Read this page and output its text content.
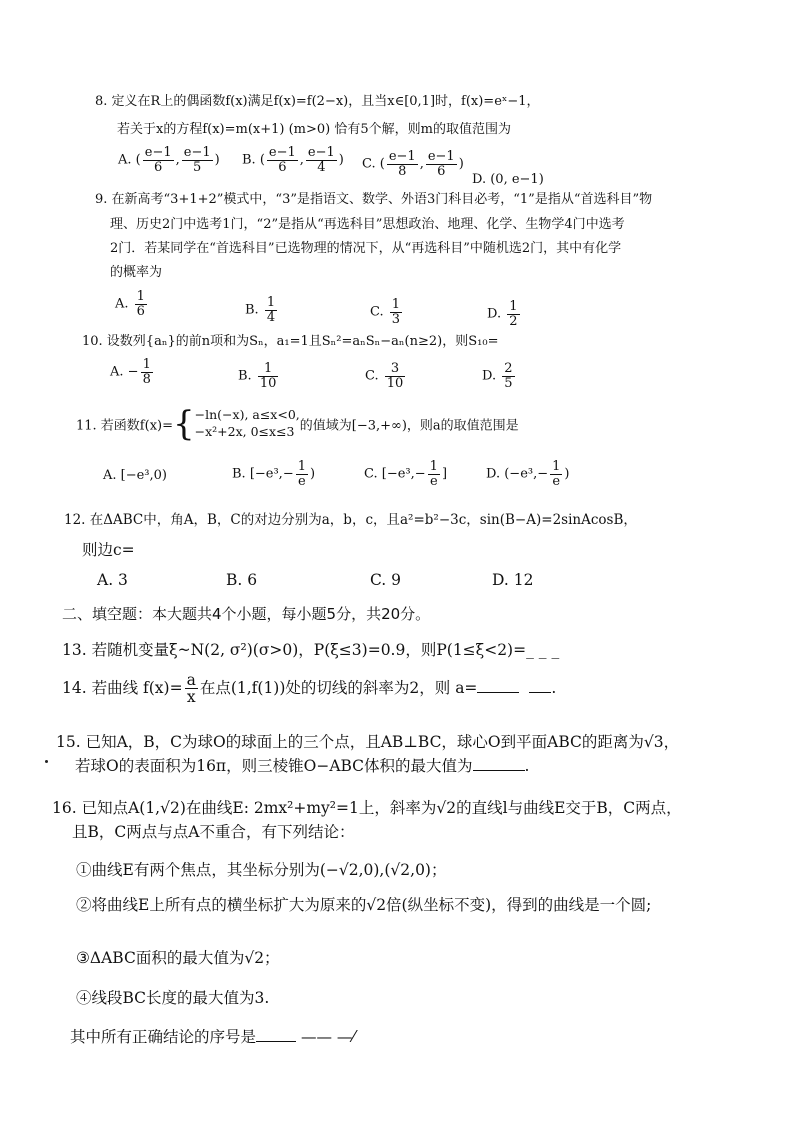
8. 定义在R上的偶函数f(x)满足f(x)=f(2−x)，且当x∈[0,1]时，f(x)=eˣ−1，
若关于x的方程f(x)=m(x+1) (m>0) 恰有5个解，则m的取值范围为
A. ( $\frac{e-1}{6}$ , $\frac{e-1}{5}$ ) B. ( $\frac{e-1}{6}$ , $\frac{e-1}{4}$ ) C. ( $\frac{e-1}{8}$ , $\frac{e-1}{6}$ )
D. (0, e−1)
9. 在新高考“3+1+2”模式中，“3”是指语文、数学、外语3门科目必考，“1”是指从“首选科目”物
理、历史2门中选考1门，“2”是指从“再选科目”思想政治、地理、化学、生物学4门中选考
2门．若某同学在“首选科目”已选物理的情况下，从“再选科目”中随机选2门，其中有化学
的概率为
A. $\frac{1}{6}$	B. $\frac{1}{4}$	C. $\frac{1}{3}$	D. $\frac{1}{2}$
10. 设数列{aₙ}的前n项和为Sₙ，a₁=1且Sₙ²=aₙSₙ−aₙ(n≥2)，则S₁₀=
A. − $\frac{1}{8}$	B. $\frac{1}{10}$	C. $\frac{3}{10}$	D. $\frac{2}{5}$
11. 若函数f(x)={ −ln(−x), a≤x<0,
−x²+2x, 0≤x≤3 的值域为[−3,+∞)，则a的取值范围是
A. [−e³,0)	B. [$-e^3,- \frac{1}{e}$ )	C. [$-e^3,- \frac{1}{e}$ ]	D. ($-e^3,- \frac{1}{e}$ )
12. 在ΔABC中，角A，B，C的对边分别为a，b，c，且a²=b²−3c，sin(B−A)=2sinAcosB，
则边c=
A. 3	B. 6	C. 9	D. 12
二、填空题：本大题共4个小题，每小题5分，共20分。
13. 若随机变量ξ~N(2, σ²)(σ>0)，P(ξ≤3)=0.9，则P(1≤ξ<2)=_ _ _
14. 若曲线 $f(x)= \frac{a}{x}$ 在点(1,f(1))处的切线的斜率为2，则 a=	.
15. 已知A，B，C为球O的球面上的三个点，且AB⊥BC，球心O到平面ABC的距离为√3，
若球O的表面积为16π，则三棱锥O−ABC体积的最大值为	.
16. 已知点A(1,√2)在曲线E: 2mx²+my²=1上，斜率为√2的直线l与曲线E交于B，C两点，
且B，C两点与点A不重合，有下列结论：
①曲线E有两个焦点，其坐标分别为(−√2,0),(√2,0)；
②将曲线E上所有点的横坐标扩大为原来的√2倍(纵坐标不变)，得到的曲线是一个圆;
③ΔABC面积的最大值为√2；
④线段BC长度的最大值为3.
其中所有正确结论的序号是	—— —⁄
